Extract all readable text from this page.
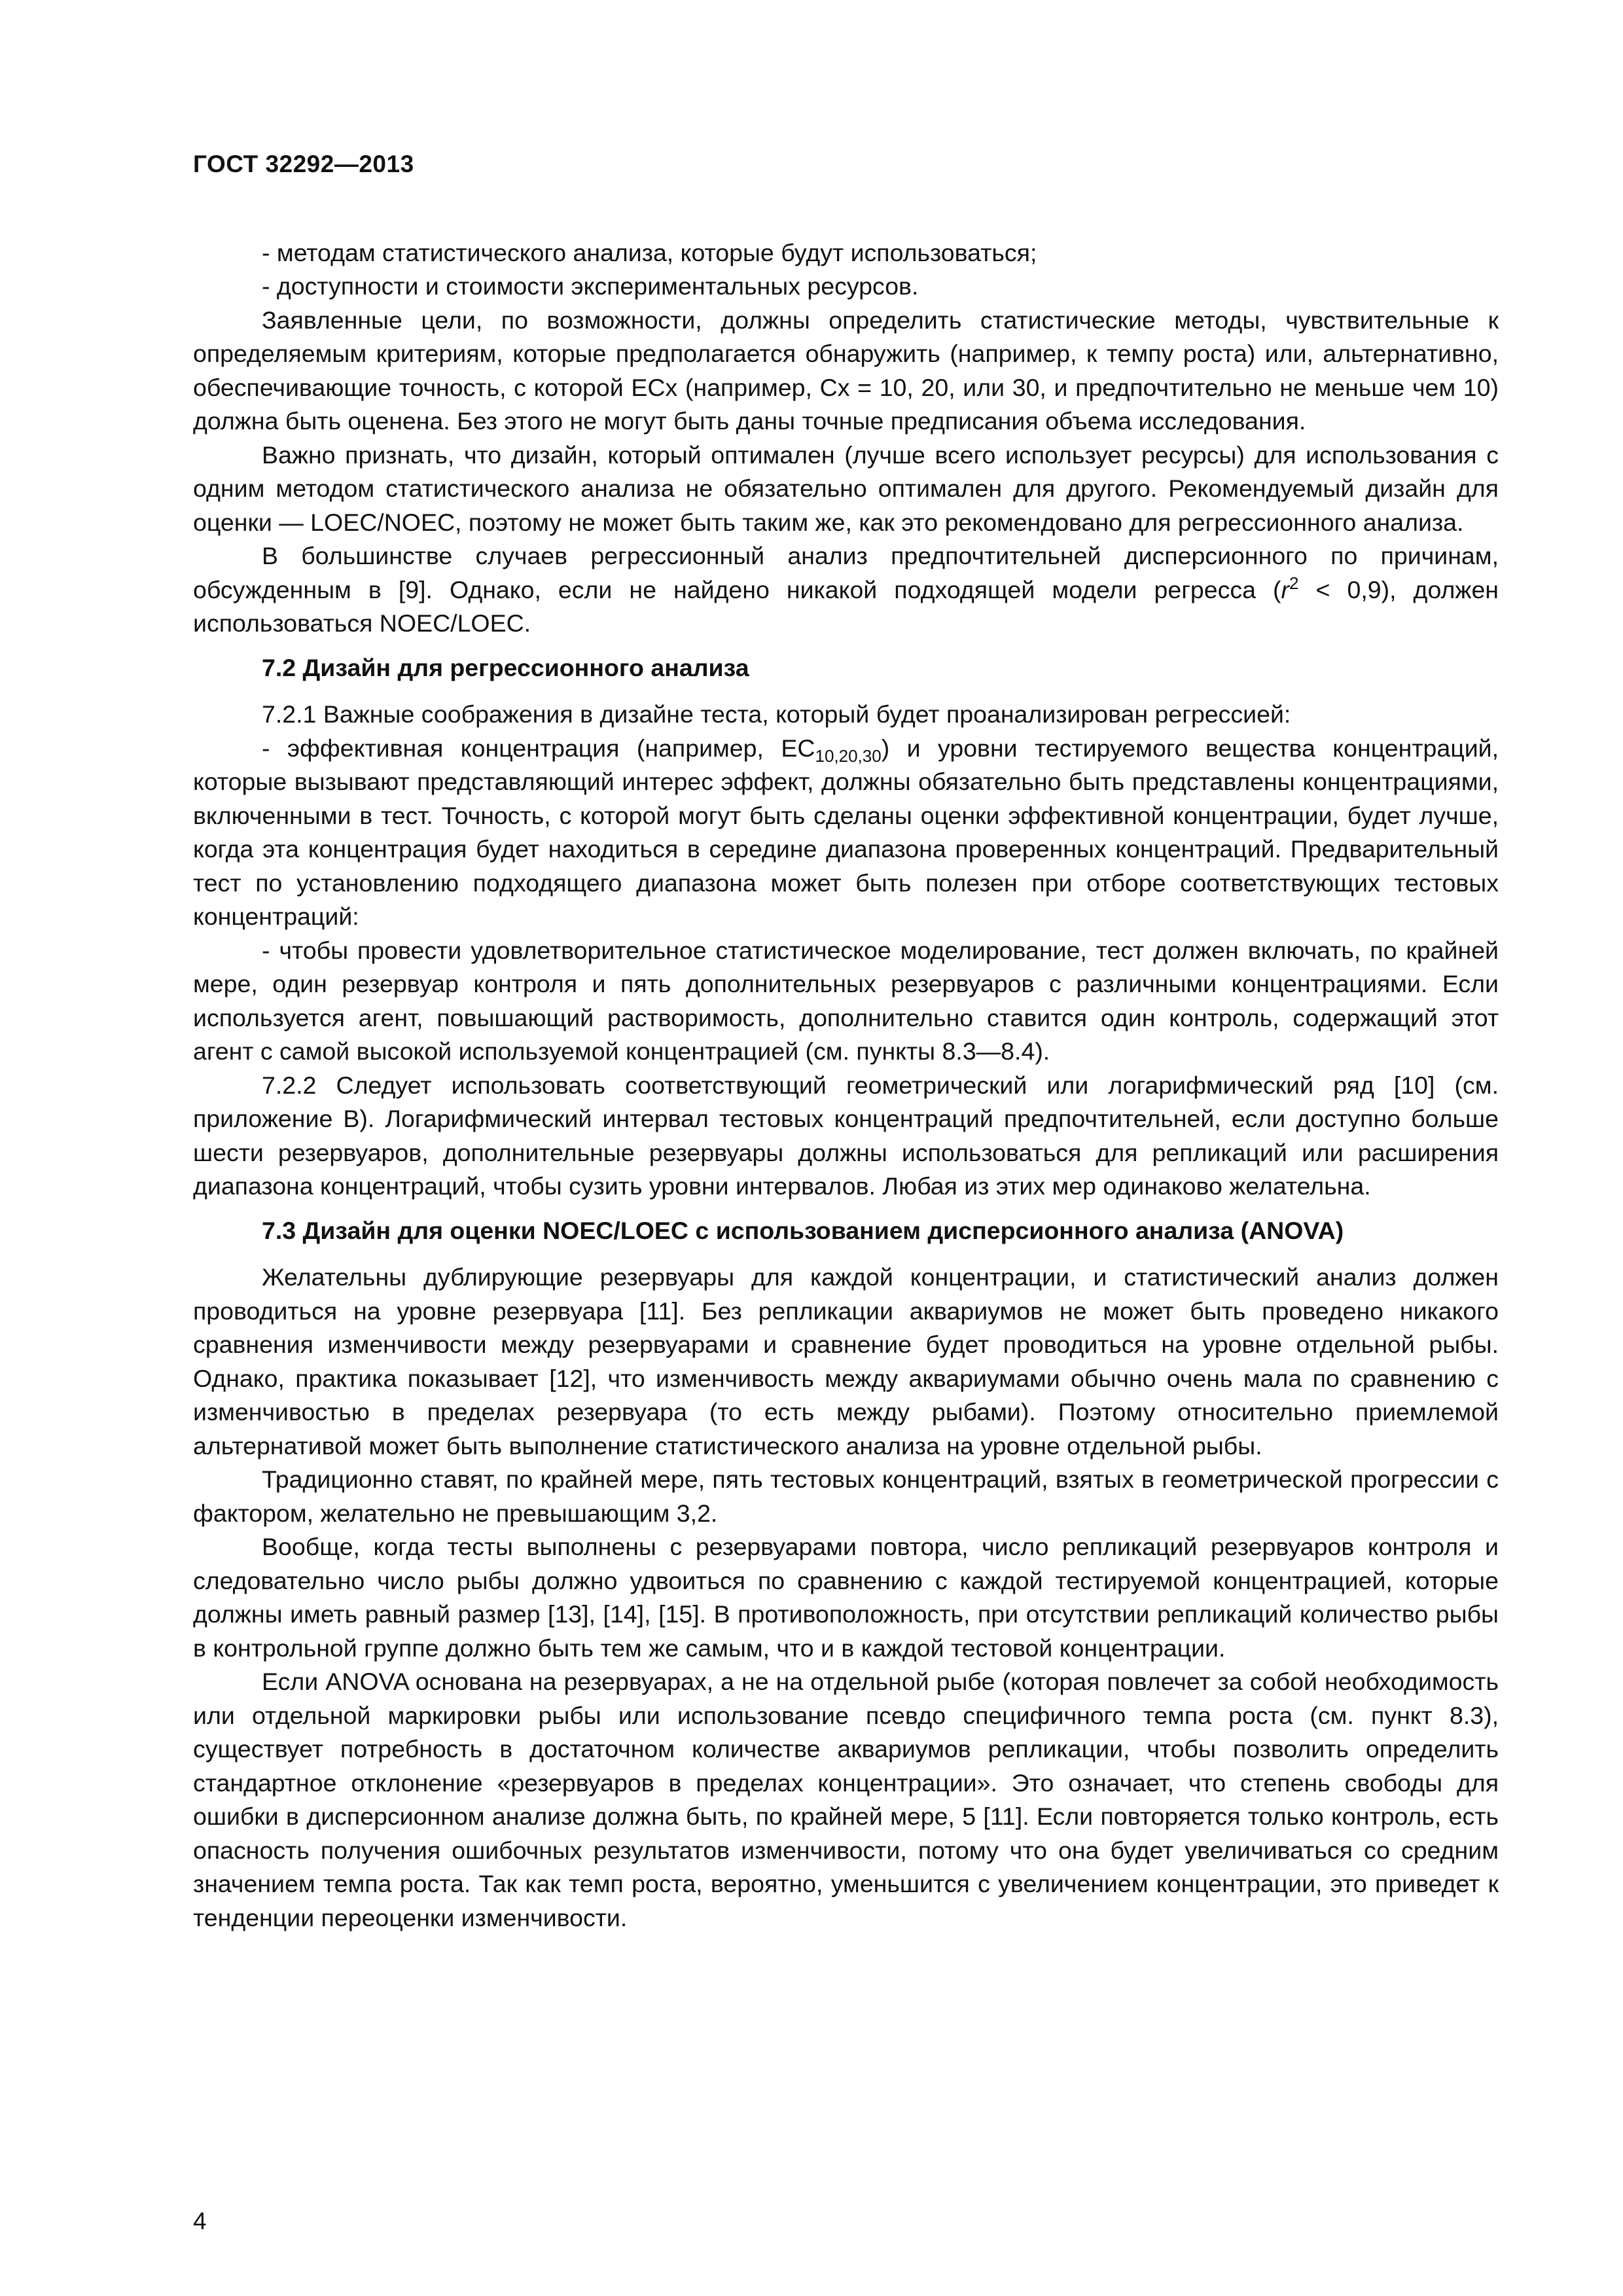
ГОСТ 32292—2013

- методам статистического анализа, которые будут использоваться;

- доступности и стоимости экспериментальных ресурсов.

Заявленные цели, по возможности, должны определить статистические методы, чувствительные к определяемым критериям, которые предполагается обнаружить (например, к темпу роста) или, альтернативно, обеспечивающие точность, с которой ECx (например, Cx = 10, 20, или 30, и предпочтительно не меньше чем 10) должна быть оценена. Без этого не могут быть даны точные предписания объема исследования.

Важно признать, что дизайн, который оптимален (лучше всего использует ресурсы) для использования с одним методом статистического анализа не обязательно оптимален для другого. Рекомендуемый дизайн для оценки — LOEC/NOEC, поэтому не может быть таким же, как это рекомендовано для регрессионного анализа.

В большинстве случаев регрессионный анализ предпочтительней дисперсионного по причинам, обсужденным в [9]. Однако, если не найдено никакой подходящей модели регресса $(r^2 < 0,9)$, должен использоваться NOEC/LOEC.

7.2 Дизайн для регрессионного анализа

7.2.1 Важные соображения в дизайне теста, который будет проанализирован регрессией:

- эффективная концентрация (например, $EC_{10,20,30}$) и уровни тестируемого вещества концентраций, которые вызывают представляющий интерес эффект, должны обязательно быть представлены концентрациями, включенными в тест. Точность, с которой могут быть сделаны оценки эффективной концентрации, будет лучше, когда эта концентрация будет находиться в середине диапазона проверенных концентраций. Предварительный тест по установлению подходящего диапазона может быть полезен при отборе соответствующих тестовых концентраций:

- чтобы провести удовлетворительное статистическое моделирование, тест должен включать, по крайней мере, один резервуар контроля и пять дополнительных резервуаров с различными концентрациями. Если используется агент, повышающий растворимость, дополнительно ставится один контроль, содержащий этот агент с самой высокой используемой концентрацией (см. пункты 8.3—8.4).

7.2.2 Следует использовать соответствующий геометрический или логарифмический ряд [10] (см. приложение B). Логарифмический интервал тестовых концентраций предпочтительней, если доступно больше шести резервуаров, дополнительные резервуары должны использоваться для репликаций или расширения диапазона концентраций, чтобы сузить уровни интервалов. Любая из этих мер одинаково желательна.

7.3 Дизайн для оценки NOEC/LOEC с использованием дисперсионного анализа (ANOVA)

Желательны дублирующие резервуары для каждой концентрации, и статистический анализ должен проводиться на уровне резервуара [11]. Без репликации аквариумов не может быть проведено никакого сравнения изменчивости между резервуарами и сравнение будет проводиться на уровне отдельной рыбы. Однако, практика показывает [12], что изменчивость между аквариумами обычно очень мала по сравнению с изменчивостью в пределах резервуара (то есть между рыбами). Поэтому относительно приемлемой альтернативой может быть выполнение статистического анализа на уровне отдельной рыбы.

Традиционно ставят, по крайней мере, пять тестовых концентраций, взятых в геометрической прогрессии с фактором, желательно не превышающим 3,2.

Вообще, когда тесты выполнены с резервуарами повтора, число репликаций резервуаров контроля и следовательно число рыбы должно удвоиться по сравнению с каждой тестируемой концентрацией, которые должны иметь равный размер [13], [14], [15]. В противоположность, при отсутствии репликаций количество рыбы в контрольной группе должно быть тем же самым, что и в каждой тестовой концентрации.

Если ANOVA основана на резервуарах, а не на отдельной рыбе (которая повлечет за собой необходимость или отдельной маркировки рыбы или использование псевдо специфичного темпа роста (см. пункт 8.3), существует потребность в достаточном количестве аквариумов репликации, чтобы позволить определить стандартное отклонение «резервуаров в пределах концентрации». Это означает, что степень свободы для ошибки в дисперсионном анализе должна быть, по крайней мере, 5 [11]. Если повторяется только контроль, есть опасность получения ошибочных результатов изменчивости, потому что она будет увеличиваться со средним значением темпа роста. Так как темп роста, вероятно, уменьшится с увеличением концентрации, это приведет к тенденции переоценки изменчивости.

4
